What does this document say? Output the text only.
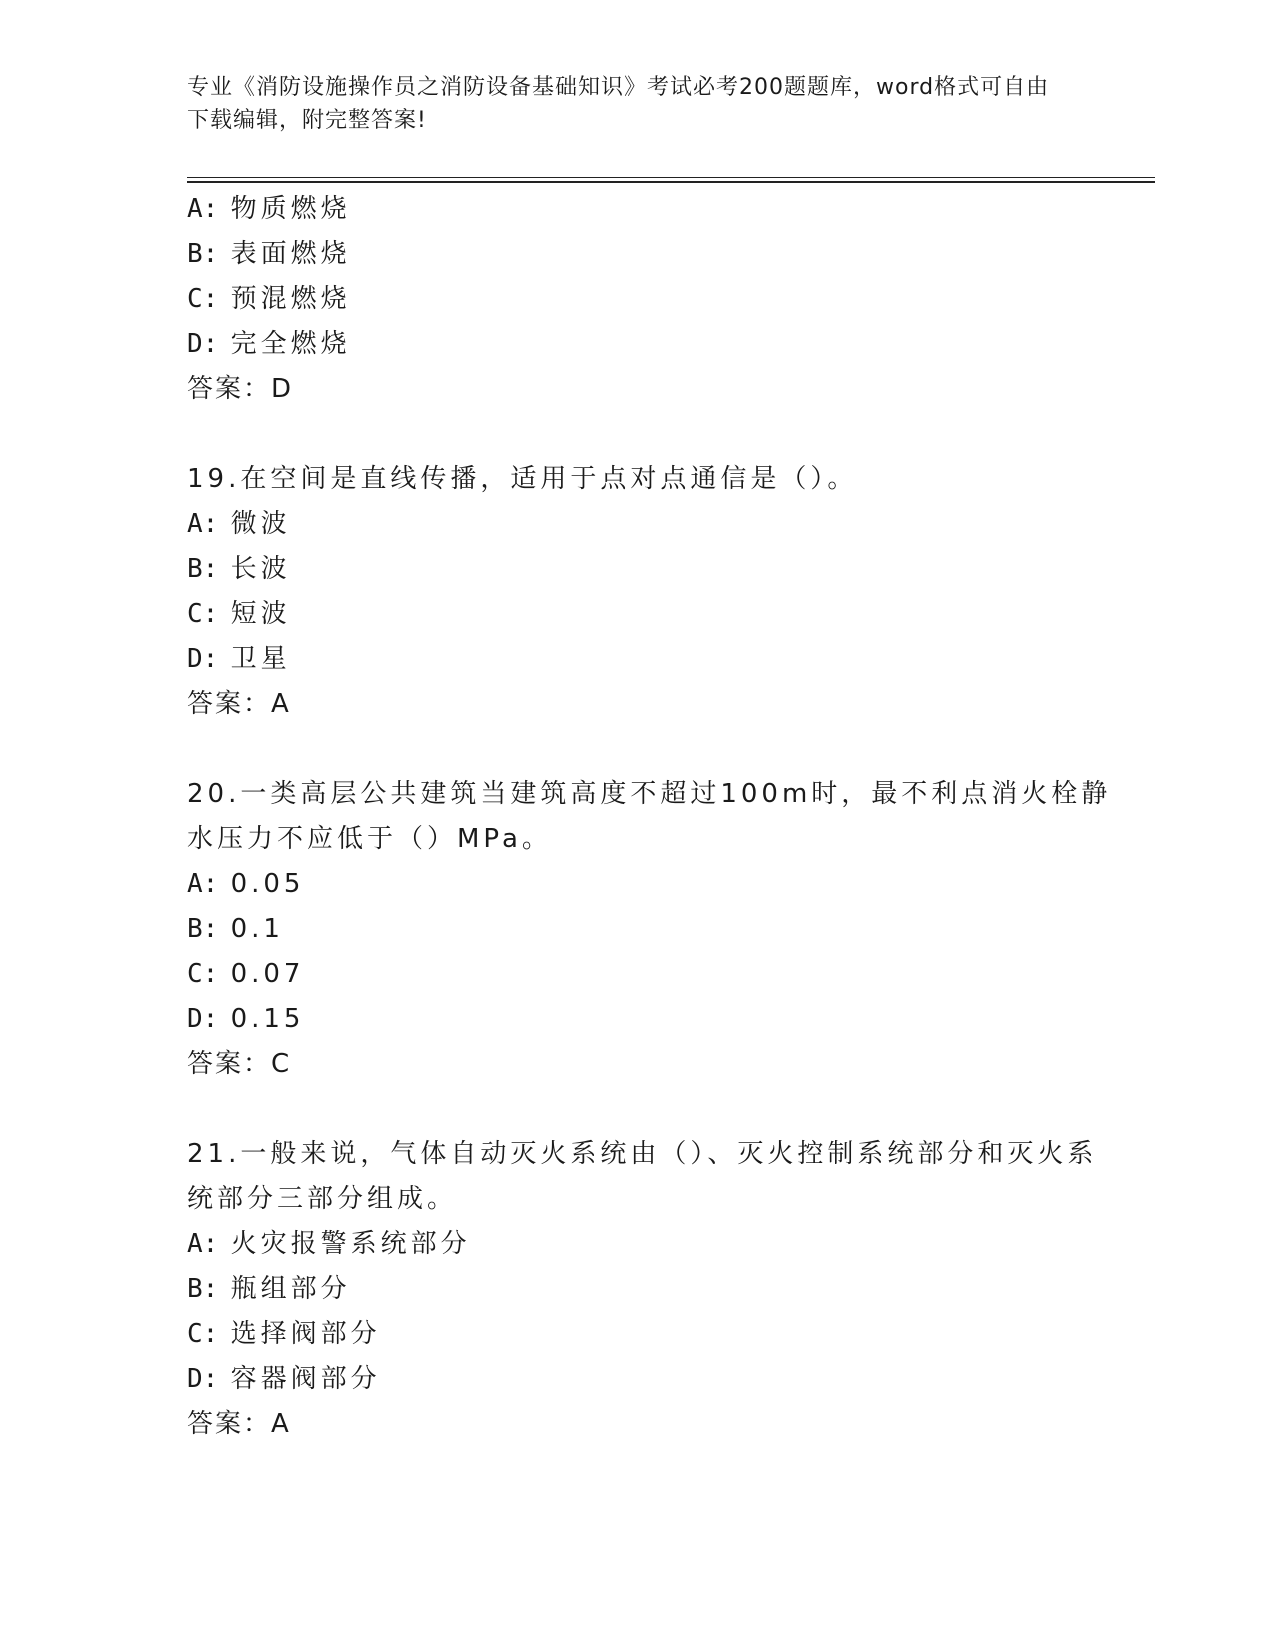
专业《消防设施操作员之消防设备基础知识》考试必考200题题库，word格式可自由下载编辑，附完整答案!
A: 物质燃烧
B: 表面燃烧
C: 预混燃烧
D: 完全燃烧
答案：D
19.在空间是直线传播，适用于点对点通信是（）。
A: 微波
B: 长波
C: 短波
D: 卫星
答案：A
20.一类高层公共建筑当建筑高度不超过100m时，最不利点消火栓静
水压力不应低于（）MPa。
A: 0.05
B: 0.1
C: 0.07
D: 0.15
答案：C
21.一般来说，气体自动灭火系统由（）、灭火控制系统部分和灭火系
统部分三部分组成。
A: 火灾报警系统部分
B: 瓶组部分
C: 选择阀部分
D: 容器阀部分
答案：A
